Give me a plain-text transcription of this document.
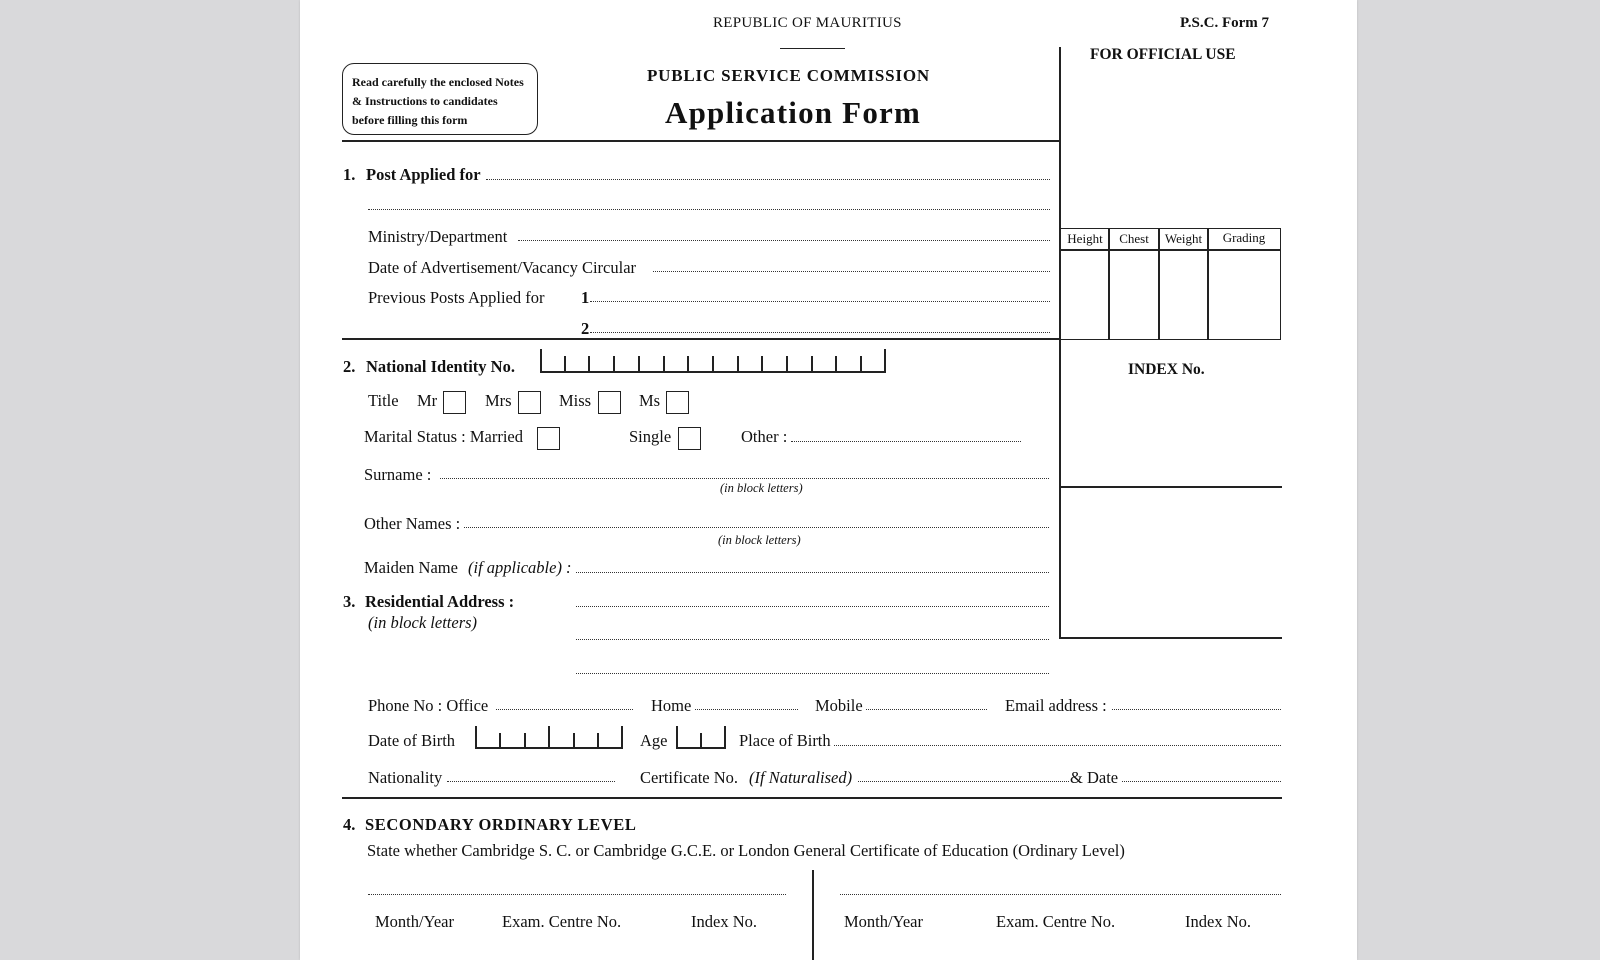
REPUBLIC OF MAURITIUS	P.S.C. Form 7
Read carefully the enclosed Notes
& Instructions to candidates
before filling this form
PUBLIC SERVICE COMMISSION
Application Form
FOR OFFICIAL USE
Height	Chest	Weight	Grading
INDEX No.
1. Post Applied for
Ministry/Department
Date of Advertisement/Vacancy Circular
Previous Posts Applied for 1
2
2. National Identity No.
Title Mr	Mrs	Miss	Ms
Marital Status : Married	Single	Other :
Surname :
(in block letters)
Other Names :
(in block letters)
Maiden Name (if applicable) :
3. Residential Address :
(in block letters)
Phone No : Office	Home	Mobile	Email address :
Date of Birth	Age	Place of Birth
Nationality	Certificate No. (If Naturalised)	& Date
4. SECONDARY ORDINARY LEVEL
State whether Cambridge S. C. or Cambridge G.C.E. or London General Certificate of Education (Ordinary Level)
Month/Year	Exam. Centre No.	Index No.	Month/Year	Exam. Centre No.	Index No.
